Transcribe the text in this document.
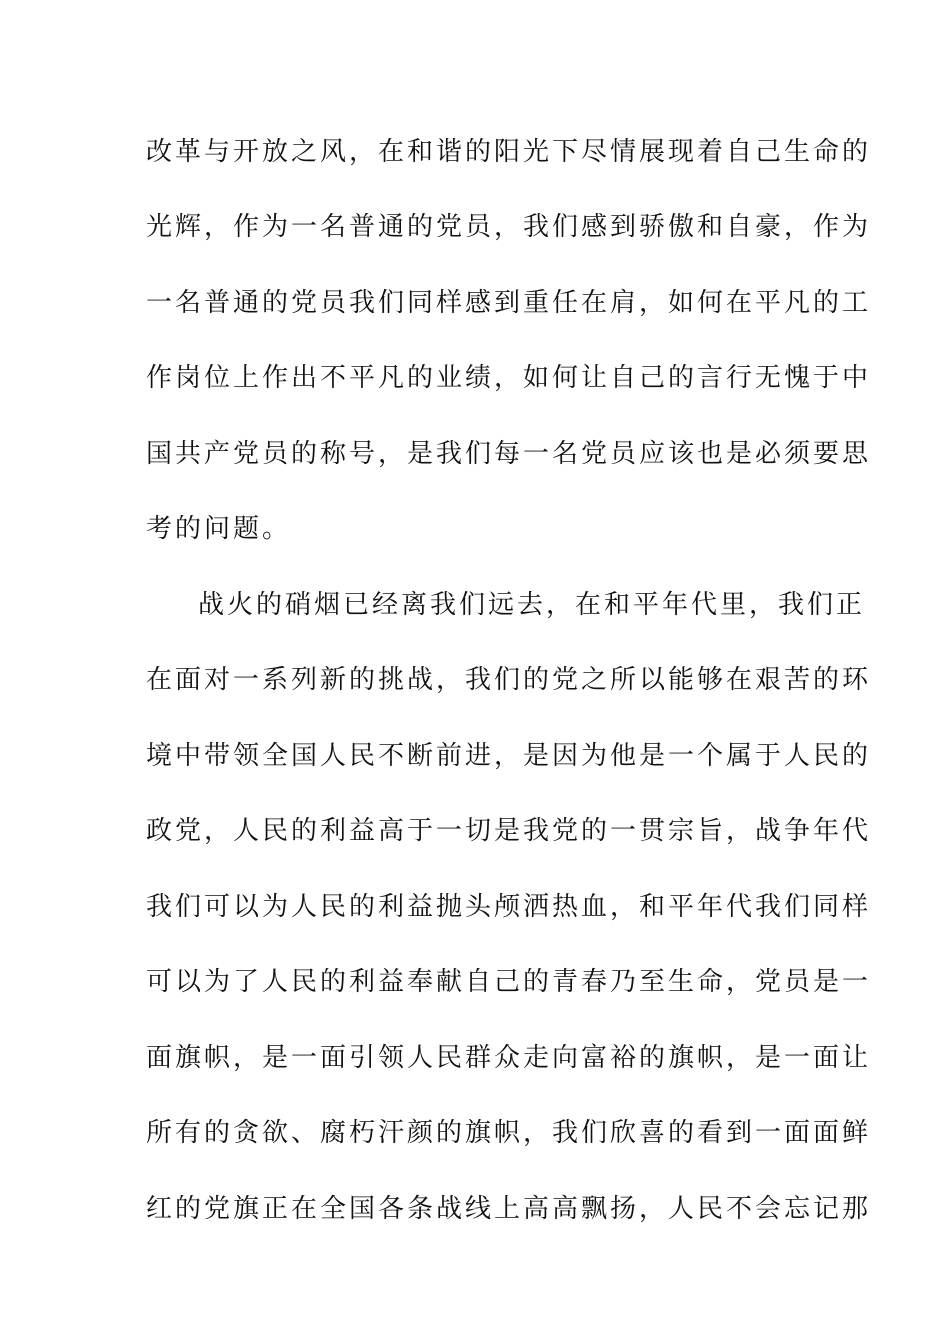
改革与开放之风，在和谐的阳光下尽情展现着自己生命的
光辉，作为一名普通的党员，我们感到骄傲和自豪，作为
一名普通的党员我们同样感到重任在肩，如何在平凡的工
作岗位上作出不平凡的业绩，如何让自己的言行无愧于中
国共产党员的称号，是我们每一名党员应该也是必须要思
考的问题。
战火的硝烟已经离我们远去，在和平年代里，我们正
在面对一系列新的挑战，我们的党之所以能够在艰苦的环
境中带领全国人民不断前进，是因为他是一个属于人民的
政党，人民的利益高于一切是我党的一贯宗旨，战争年代
我们可以为人民的利益抛头颅洒热血，和平年代我们同样
可以为了人民的利益奉献自己的青春乃至生命，党员是一
面旗帜，是一面引领人民群众走向富裕的旗帜，是一面让
所有的贪欲、腐朽汗颜的旗帜，我们欣喜的看到一面面鲜
红的党旗正在全国各条战线上高高飘扬，人民不会忘记那
